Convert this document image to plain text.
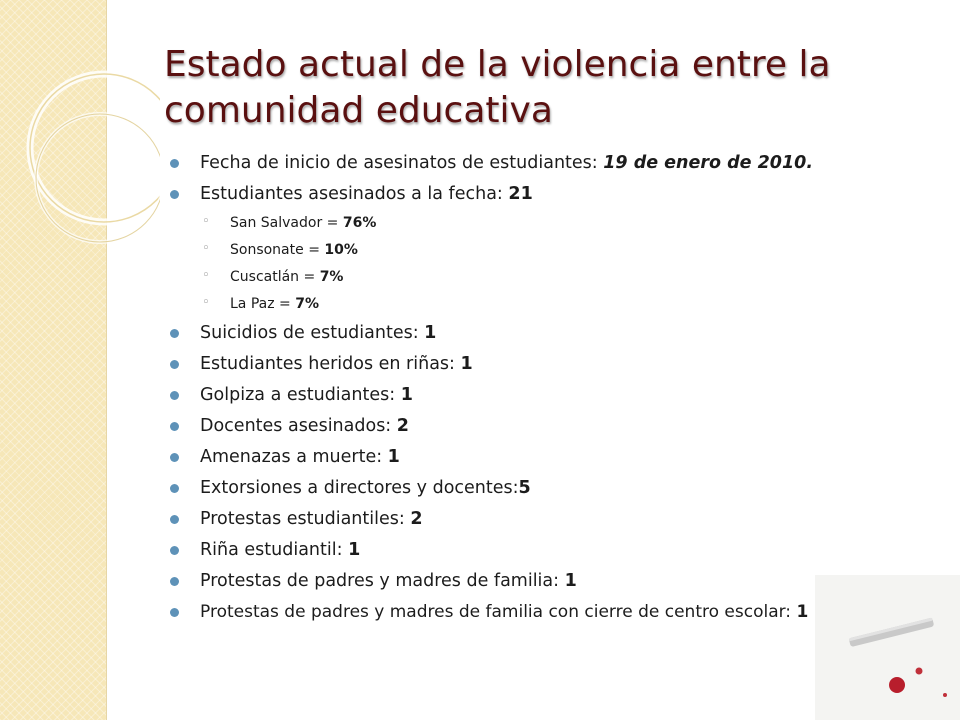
Estado actual de la violencia entre la comunidad educativa
Fecha de inicio de asesinatos de estudiantes: 19 de enero de 2010.
Estudiantes asesinados a la fecha: 21
◦ San Salvador = 76%
◦ Sonsonate = 10%
◦ Cuscatlán = 7%
◦ La Paz = 7%
Suicidios de estudiantes: 1
Estudiantes heridos en riñas: 1
Golpiza a estudiantes: 1
Docentes asesinados: 2
Amenazas a muerte: 1
Extorsiones a directores y docentes:5
Protestas estudiantiles: 2
Riña estudiantil: 1
Protestas de padres y madres de familia: 1
Protestas de padres y madres de familia con cierre de centro escolar: 1
